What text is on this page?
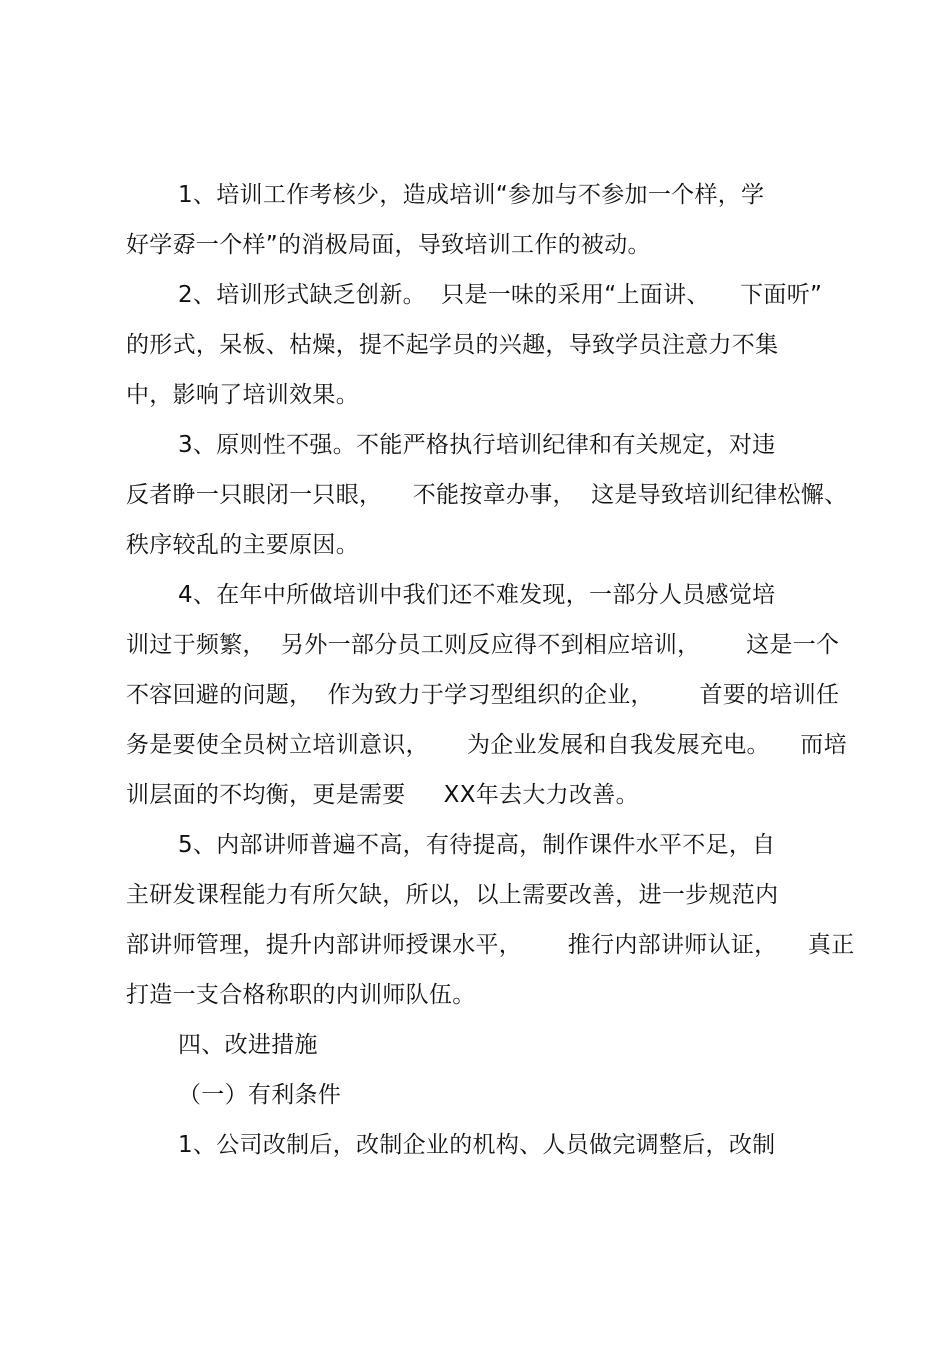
1、培训工作考核少，造成培训“参加与不参加一个样，学
好学孬一个样”的消极局面，导致培训工作的被动。
2、培训形式缺乏创新。  只是一味的采用“上面讲、    下面听”
的形式，呆板、枯燥，提不起学员的兴趣，导致学员注意力不集
中，影响了培训效果。
3、原则性不强。不能严格执行培训纪律和有关规定，对违
反者睁一只眼闭一只眼，    不能按章办事，  这是导致培训纪律松懈、
秩序较乱的主要原因。
4、在年中所做培训中我们还不难发现，一部分人员感觉培
训过于频繁，  另外一部分员工则反应得不到相应培训，      这是一个
不容回避的问题，  作为致力于学习型组织的企业，      首要的培训任
务是要使全员树立培训意识，     为企业发展和自我发展充电。    而培
训层面的不均衡，更是需要     XX年去大力改善。
5、内部讲师普遍不高，有待提高，制作课件水平不足，自
主研发课程能力有所欠缺，所以，以上需要改善，进一步规范内
部讲师管理，提升内部讲师授课水平，      推行内部讲师认证，    真正
打造一支合格称职的内训师队伍。
四、改进措施
（一）有利条件
1、公司改制后，改制企业的机构、人员做完调整后，改制
